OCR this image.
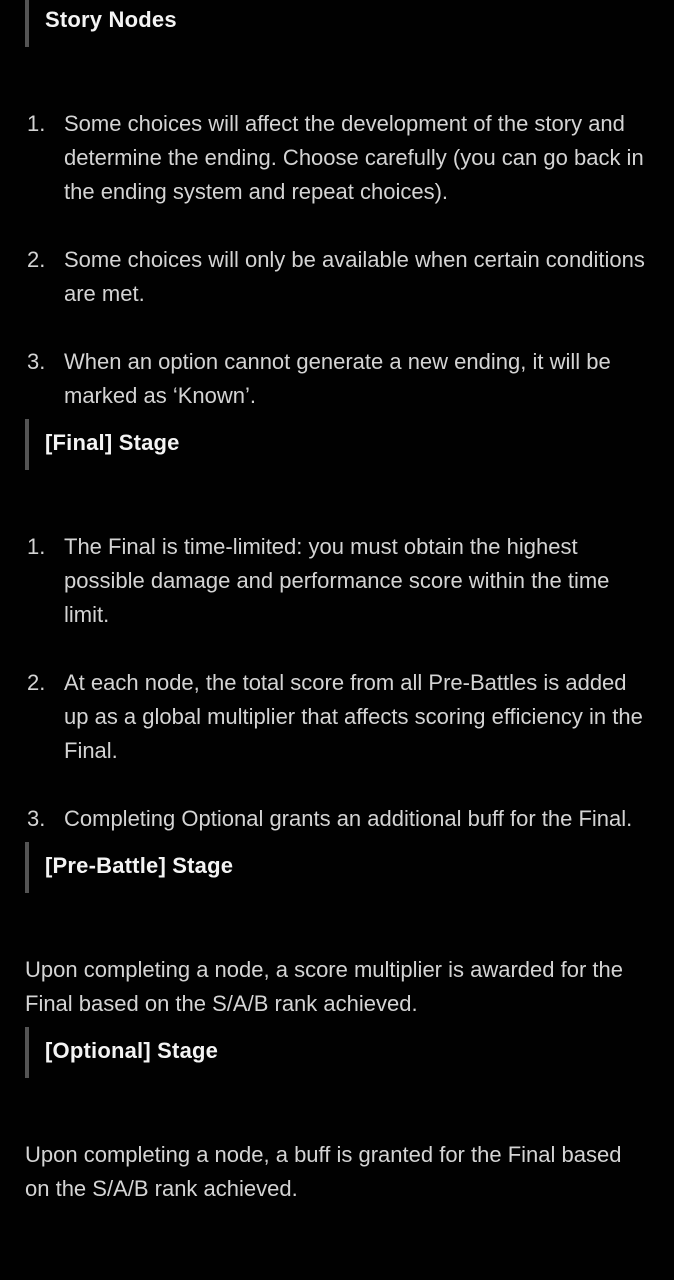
Story Nodes
Some choices will affect the development of the story and determine the ending. Choose carefully (you can go back in the ending system and repeat choices).
Some choices will only be available when certain conditions are met.
When an option cannot generate a new ending, it will be marked as ‘Known’.
[Final] Stage
The Final is time-limited: you must obtain the highest possible damage and performance score within the time limit.
At each node, the total score from all Pre-Battles is added up as a global multiplier that affects scoring efficiency in the Final.
Completing Optional grants an additional buff for the Final.
[Pre-Battle] Stage

Upon completing a node, a score multiplier is awarded for the Final based on the S/A/B rank achieved.

[Optional] Stage

Upon completing a node, a buff is granted for the Final based on the S/A/B rank achieved.
